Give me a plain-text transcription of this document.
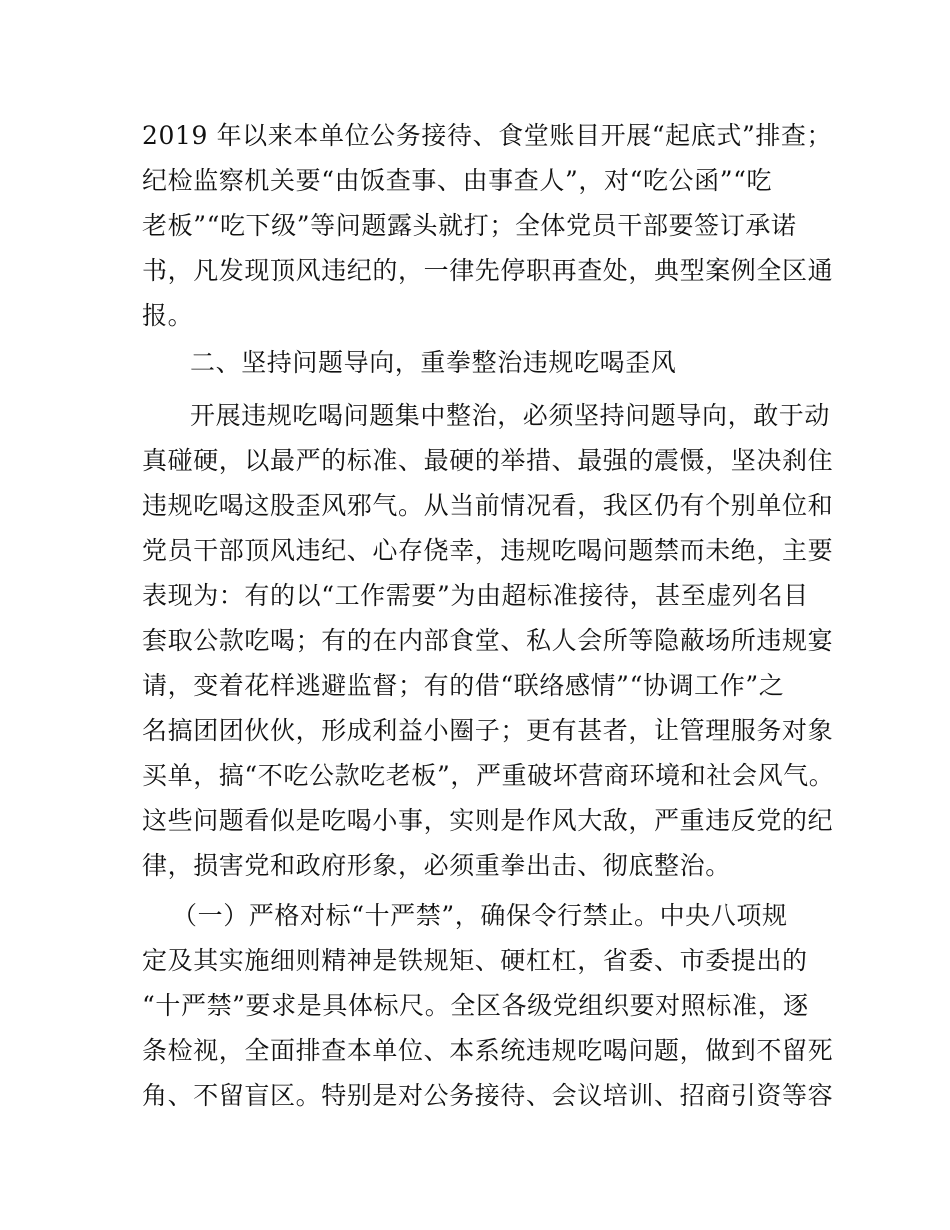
2019 年以来本单位公务接待、食堂账目开展“起底式”排查；
纪检监察机关要“由饭查事、由事查人”，对“吃公函”“吃
老板”“吃下级”等问题露头就打；全体党员干部要签订承诺
书，凡发现顶风违纪的，一律先停职再查处，典型案例全区通
报。
二、坚持问题导向，重拳整治违规吃喝歪风
开展违规吃喝问题集中整治，必须坚持问题导向，敢于动
真碰硬，以最严的标准、最硬的举措、最强的震慑，坚决刹住
违规吃喝这股歪风邪气。从当前情况看，我区仍有个别单位和
党员干部顶风违纪、心存侥幸，违规吃喝问题禁而未绝，主要
表现为：有的以“工作需要”为由超标准接待，甚至虚列名目
套取公款吃喝；有的在内部食堂、私人会所等隐蔽场所违规宴
请，变着花样逃避监督；有的借“联络感情”“协调工作”之
名搞团团伙伙，形成利益小圈子；更有甚者，让管理服务对象
买单，搞“不吃公款吃老板”，严重破坏营商环境和社会风气。
这些问题看似是吃喝小事，实则是作风大敌，严重违反党的纪
律，损害党和政府形象，必须重拳出击、彻底整治。
（一）严格对标“十严禁”，确保令行禁止。中央八项规
定及其实施细则精神是铁规矩、硬杠杠，省委、市委提出的
“十严禁”要求是具体标尺。全区各级党组织要对照标准，逐
条检视，全面排查本单位、本系统违规吃喝问题，做到不留死
角、不留盲区。特别是对公务接待、会议培训、招商引资等容
